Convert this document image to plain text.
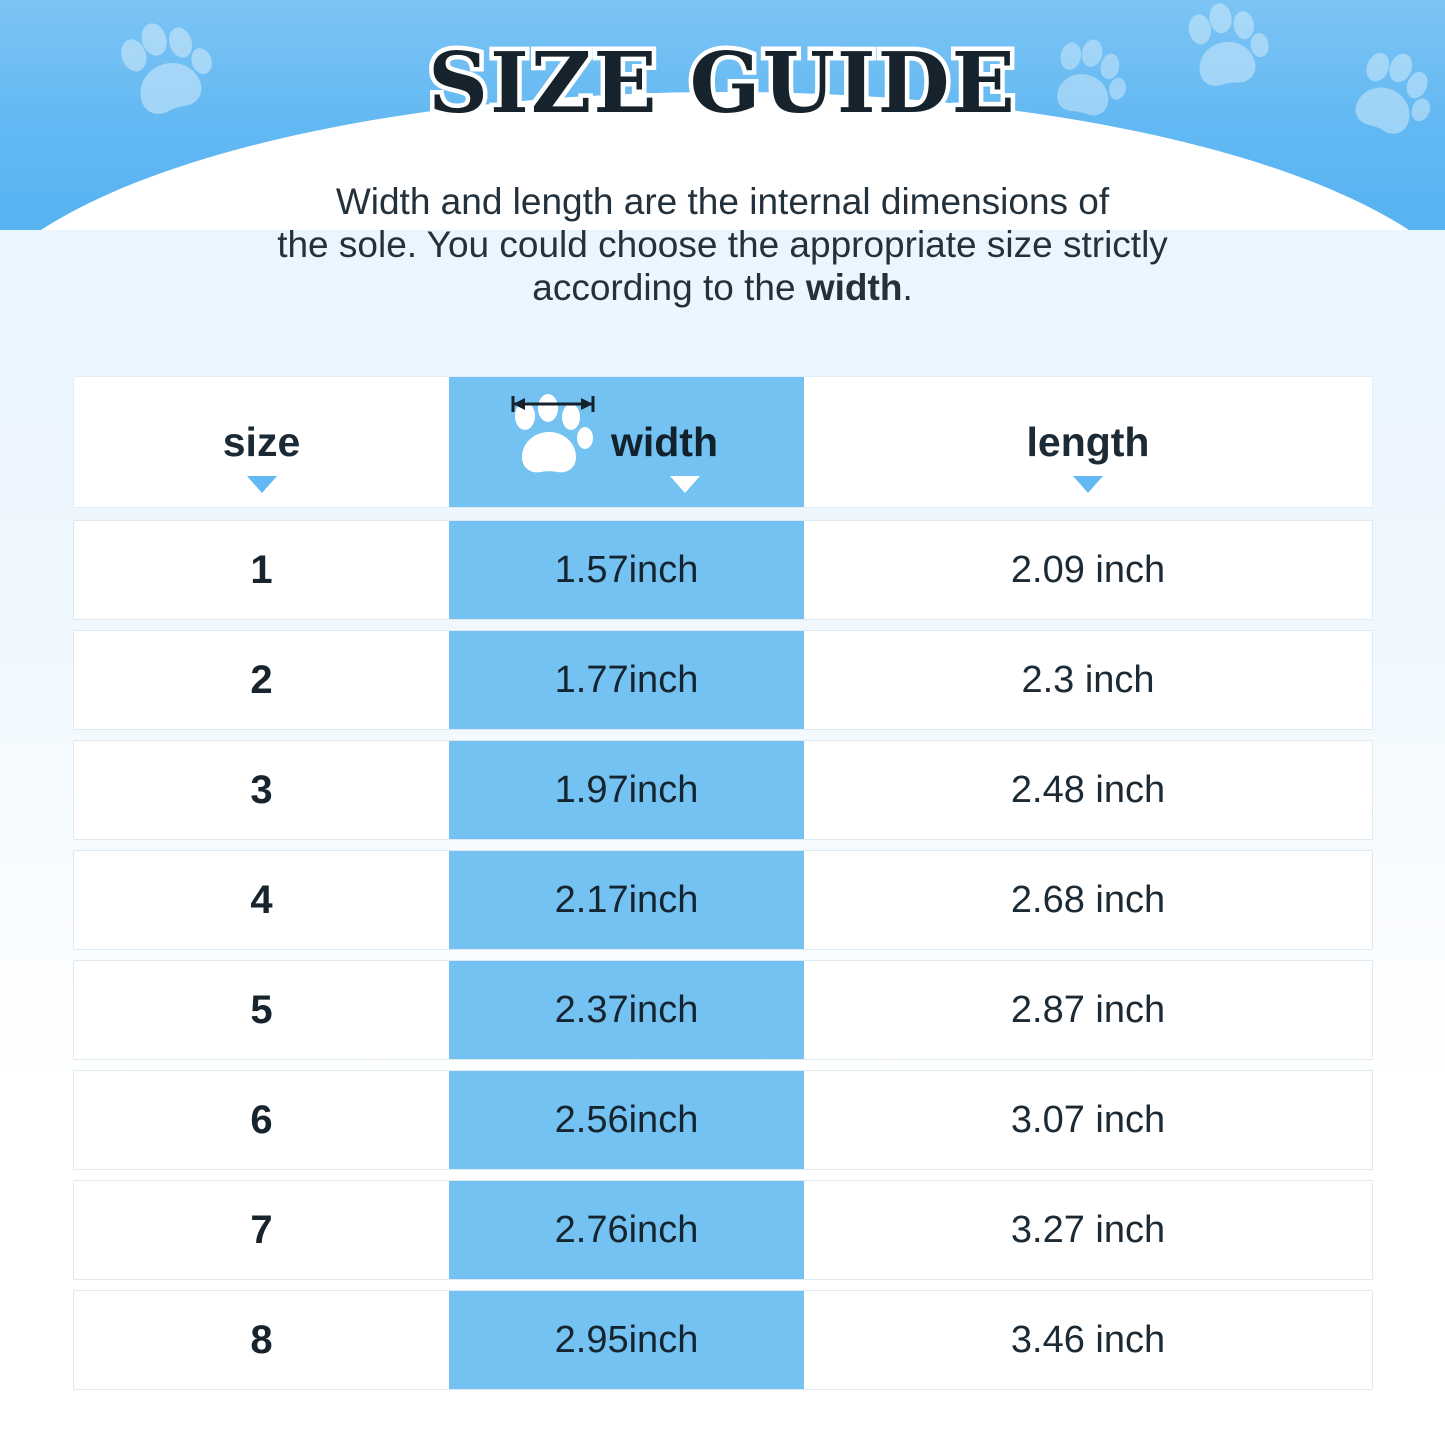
SIZE GUIDE
Width and length are the internal dimensions of
the sole. You could choose the appropriate size strictly
according to the width.
size	width	length
1	1.57inch	2.09 inch
2	1.77inch	2.3 inch
3	1.97inch	2.48 inch
4	2.17inch	2.68 inch
5	2.37inch	2.87 inch
6	2.56inch	3.07 inch
7	2.76inch	3.27 inch
8	2.95inch	3.46 inch
